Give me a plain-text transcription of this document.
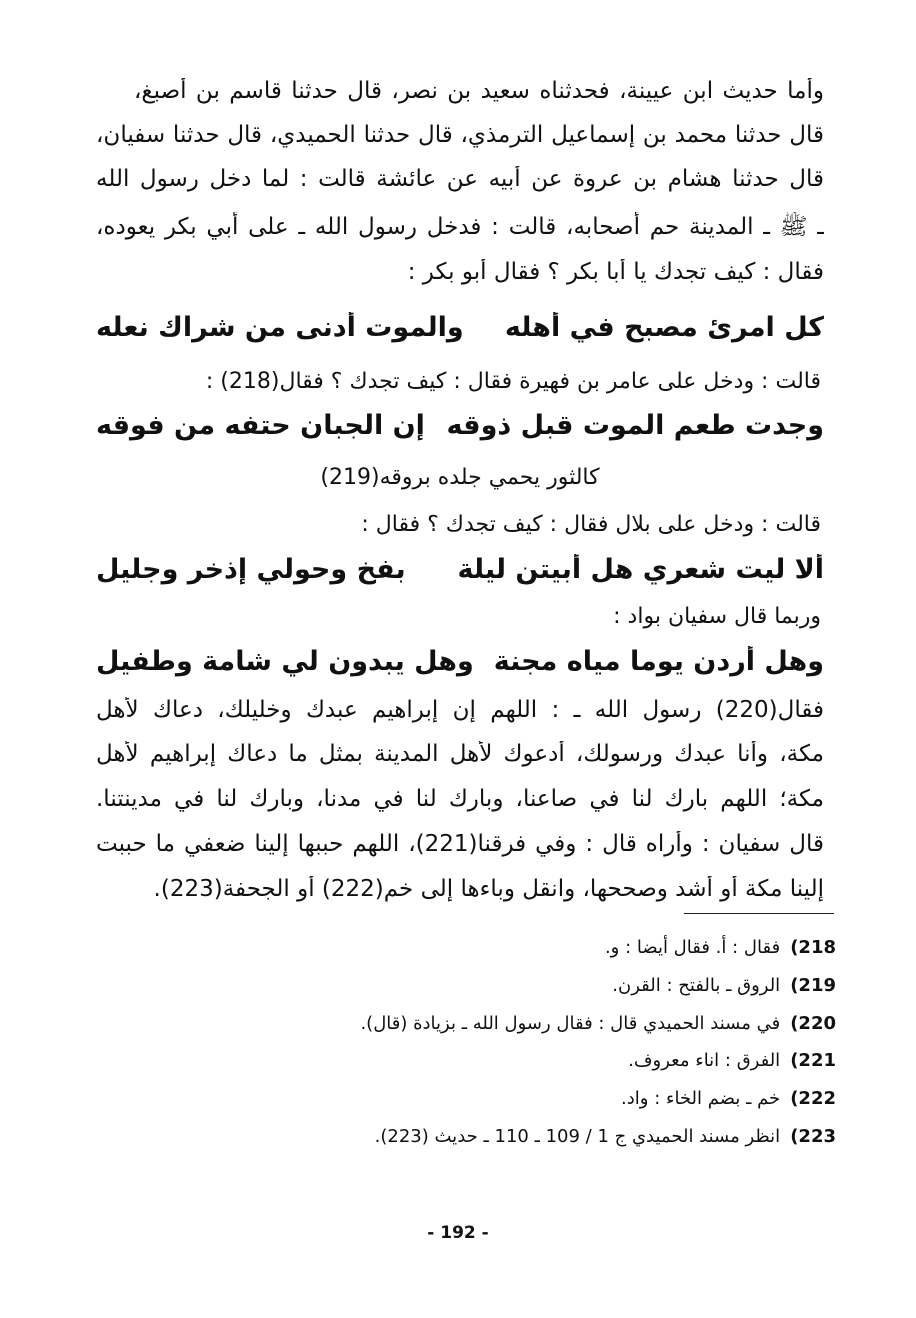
وأما حديث ابن عيينة، فحدثناه سعيد بن نصر، قال حدثنا قاسم بن أصبغ،
قال حدثنا محمد بن إسماعيل الترمذي، قال حدثنا الحميدي، قال حدثنا سفيان،
قال حدثنا هشام بن عروة عن أبيه عن عائشة قالت : لما دخل رسول الله
ـ ﷺ ـ المدينة حم أصحابه، قالت : فدخل رسول الله ـ على أبي بكر يعوده،
فقال : كيف تجدك يا أبا بكر ؟ فقال أبو بكر :
كل امرئ مصبح في أهله
والموت أدنى من شراك نعله
قالت : ودخل على عامر بن فهيرة فقال : كيف تجدك ؟ فقال(218) :
وجدت طعم الموت قبل ذوقه
إن الجبان حتفه من فوقه
كالثور يحمي جلده بروقه(219)
قالت : ودخل على بلال فقال : كيف تجدك ؟ فقال :
ألا ليت شعري هل أبيتن ليلة
بفخ وحولي إذخر وجليل
وربما قال سفيان بواد :
وهل أردن يوما مياه مجنة
وهل يبدون لي شامة وطفيل
فقال(220) رسول الله ـ : اللهم إن إبراهيم عبدك وخليلك، دعاك لأهل
مكة، وأنا عبدك ورسولك، أدعوك لأهل المدينة بمثل ما دعاك إبراهيم لأهل
مكة؛ اللهم بارك لنا في صاعنا، وبارك لنا في مدنا، وبارك لنا في مدينتنا.
قال سفيان : وأراه قال : وفي فرقنا(221)، اللهم حببها إلينا ضعفي ما حببت
إلينا مكة أو أشد وصححها، وانقل وباءها إلى خم(222) أو الجحفة(223).
218)فقال : أ. فقال أيضا : و.
219)الروق ـ بالفتح : القرن.
220)في مسند الحميدي قال : فقال رسول الله ـ بزيادة (قال).
221)الفرق : اناء معروف.
222)خم ـ بضم الخاء : واد.
223)انظر مسند الحميدي ج 1 / 109 ـ 110 ـ حديث (223).
- 192 -
